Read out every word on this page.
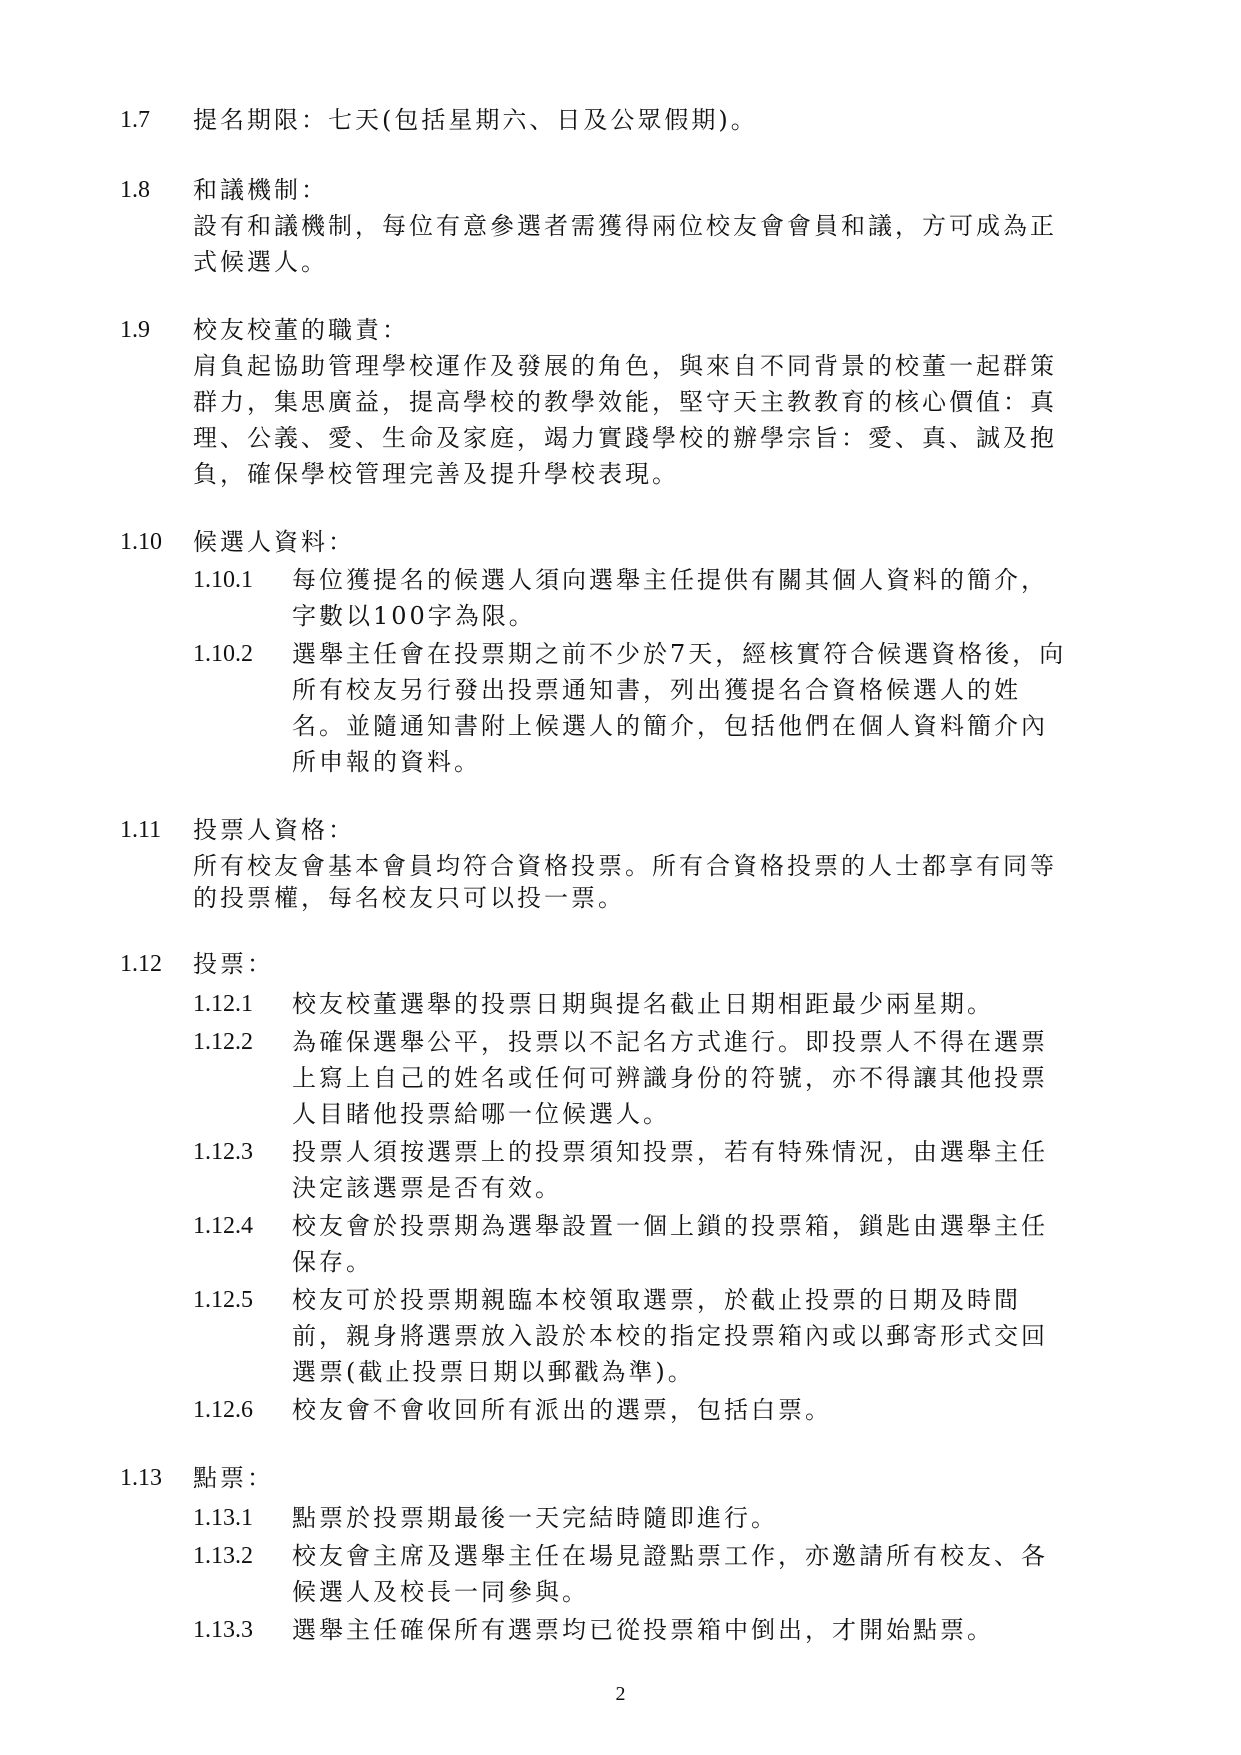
1.7 提名期限：七天(包括星期六、日及公眾假期)。
1.8 和議機制：
設有和議機制，每位有意參選者需獲得兩位校友會會員和議，方可成為正
式候選人。
1.9 校友校董的職責：
肩負起協助管理學校運作及發展的角色，與來自不同背景的校董一起群策
群力，集思廣益，提高學校的教學效能，堅守天主教教育的核心價值：真
理、公義、愛、生命及家庭，竭力實踐學校的辦學宗旨：愛、真、誠及抱
負，確保學校管理完善及提升學校表現。
1.10 候選人資料：
1.10.1 每位獲提名的候選人須向選舉主任提供有關其個人資料的簡介，
字數以100字為限。
1.10.2 選舉主任會在投票期之前不少於7天，經核實符合候選資格後，向
所有校友另行發出投票通知書，列出獲提名合資格候選人的姓
名。並隨通知書附上候選人的簡介，包括他們在個人資料簡介內
所申報的資料。
1.11 投票人資格：
所有校友會基本會員均符合資格投票。所有合資格投票的人士都享有同等
的投票權，每名校友只可以投一票。
1.12 投票：
1.12.1 校友校董選舉的投票日期與提名截止日期相距最少兩星期。
1.12.2 為確保選舉公平，投票以不記名方式進行。即投票人不得在選票
上寫上自己的姓名或任何可辨識身份的符號，亦不得讓其他投票
人目睹他投票給哪一位候選人。
1.12.3 投票人須按選票上的投票須知投票，若有特殊情況，由選舉主任
決定該選票是否有效。
1.12.4 校友會於投票期為選舉設置一個上鎖的投票箱，鎖匙由選舉主任
保存。
1.12.5 校友可於投票期親臨本校領取選票，於截止投票的日期及時間
前，親身將選票放入設於本校的指定投票箱內或以郵寄形式交回
選票(截止投票日期以郵戳為準)。
1.12.6 校友會不會收回所有派出的選票，包括白票。
1.13 點票：
1.13.1 點票於投票期最後一天完結時隨即進行。
1.13.2 校友會主席及選舉主任在場見證點票工作，亦邀請所有校友、各
候選人及校長一同參與。
1.13.3 選舉主任確保所有選票均已從投票箱中倒出，才開始點票。
2
